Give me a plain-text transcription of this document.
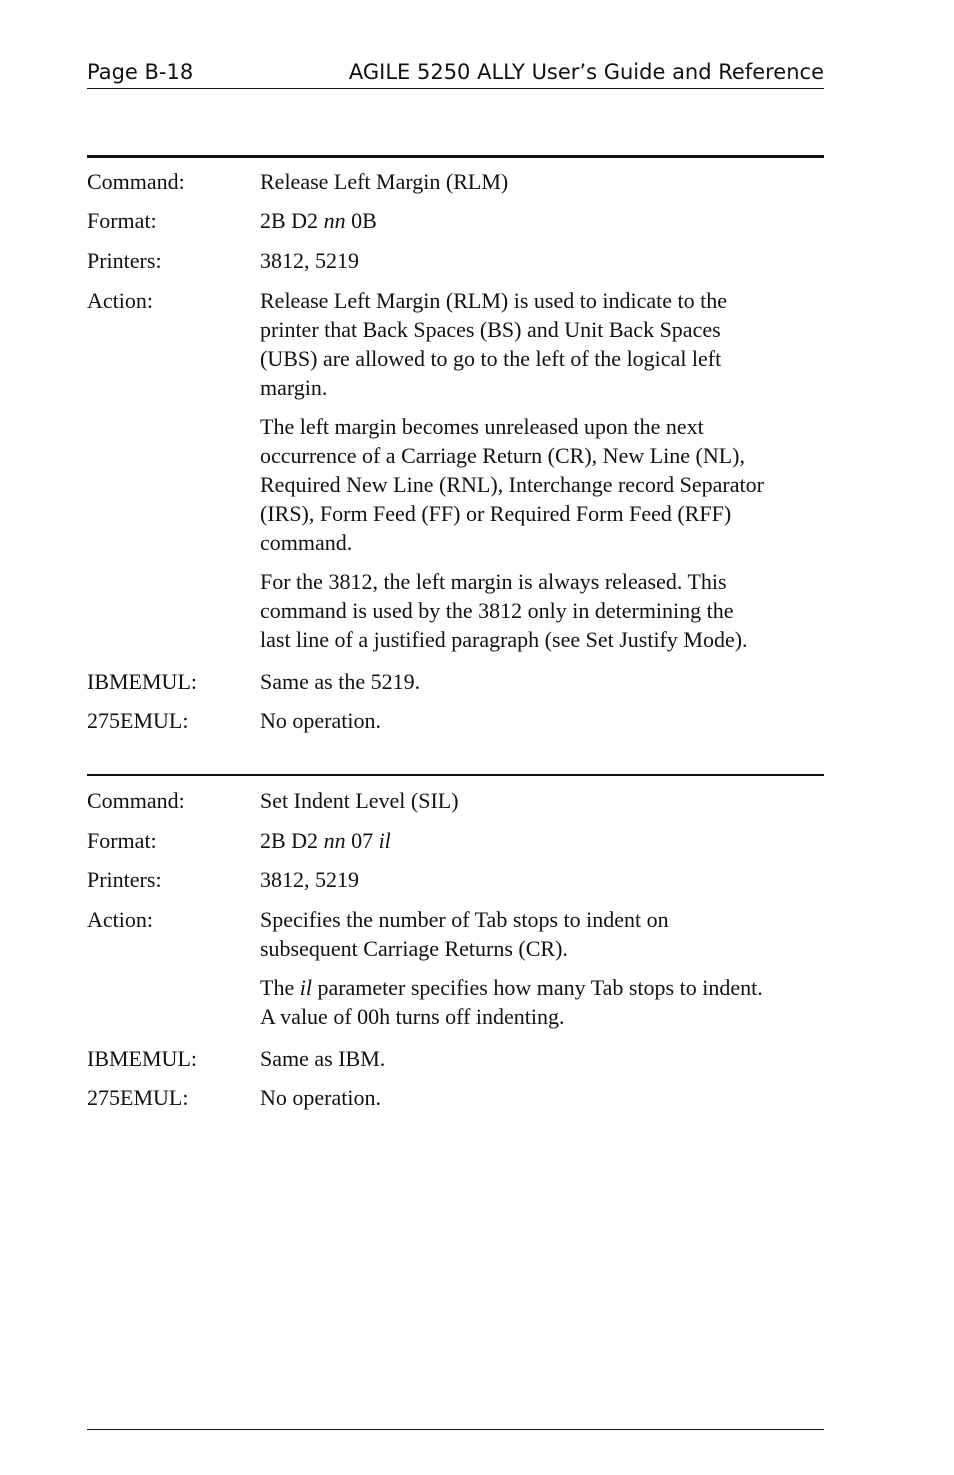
Page B-18	AGILE 5250 ALLY User’s Guide and Reference
Command:	Release Left Margin (RLM)
Format:	2B D2 nn 0B
Printers:	3812, 5219
Action:	Release Left Margin (RLM) is used to indicate to the
printer that Back Spaces (BS) and Unit Back Spaces
(UBS) are allowed to go to the left of the logical left
margin.

The left margin becomes unreleased upon the next
occurrence of a Carriage Return (CR), New Line (NL),
Required New Line (RNL), Interchange record Separator
(IRS), Form Feed (FF) or Required Form Feed (RFF)
command.

For the 3812, the left margin is always released. This
command is used by the 3812 only in determining the
last line of a justified paragraph (see Set Justify Mode).

IBMEMUL:	Same as the 5219.
275EMUL:	No operation.
Command:	Set Indent Level (SIL)
Format:	2B D2 nn 07 il
Printers:	3812, 5219
Action:	Specifies the number of Tab stops to indent on
subsequent Carriage Returns (CR).

The il parameter specifies how many Tab stops to indent.
A value of 00h turns off indenting.

IBMEMUL:	Same as IBM.
275EMUL:	No operation.
